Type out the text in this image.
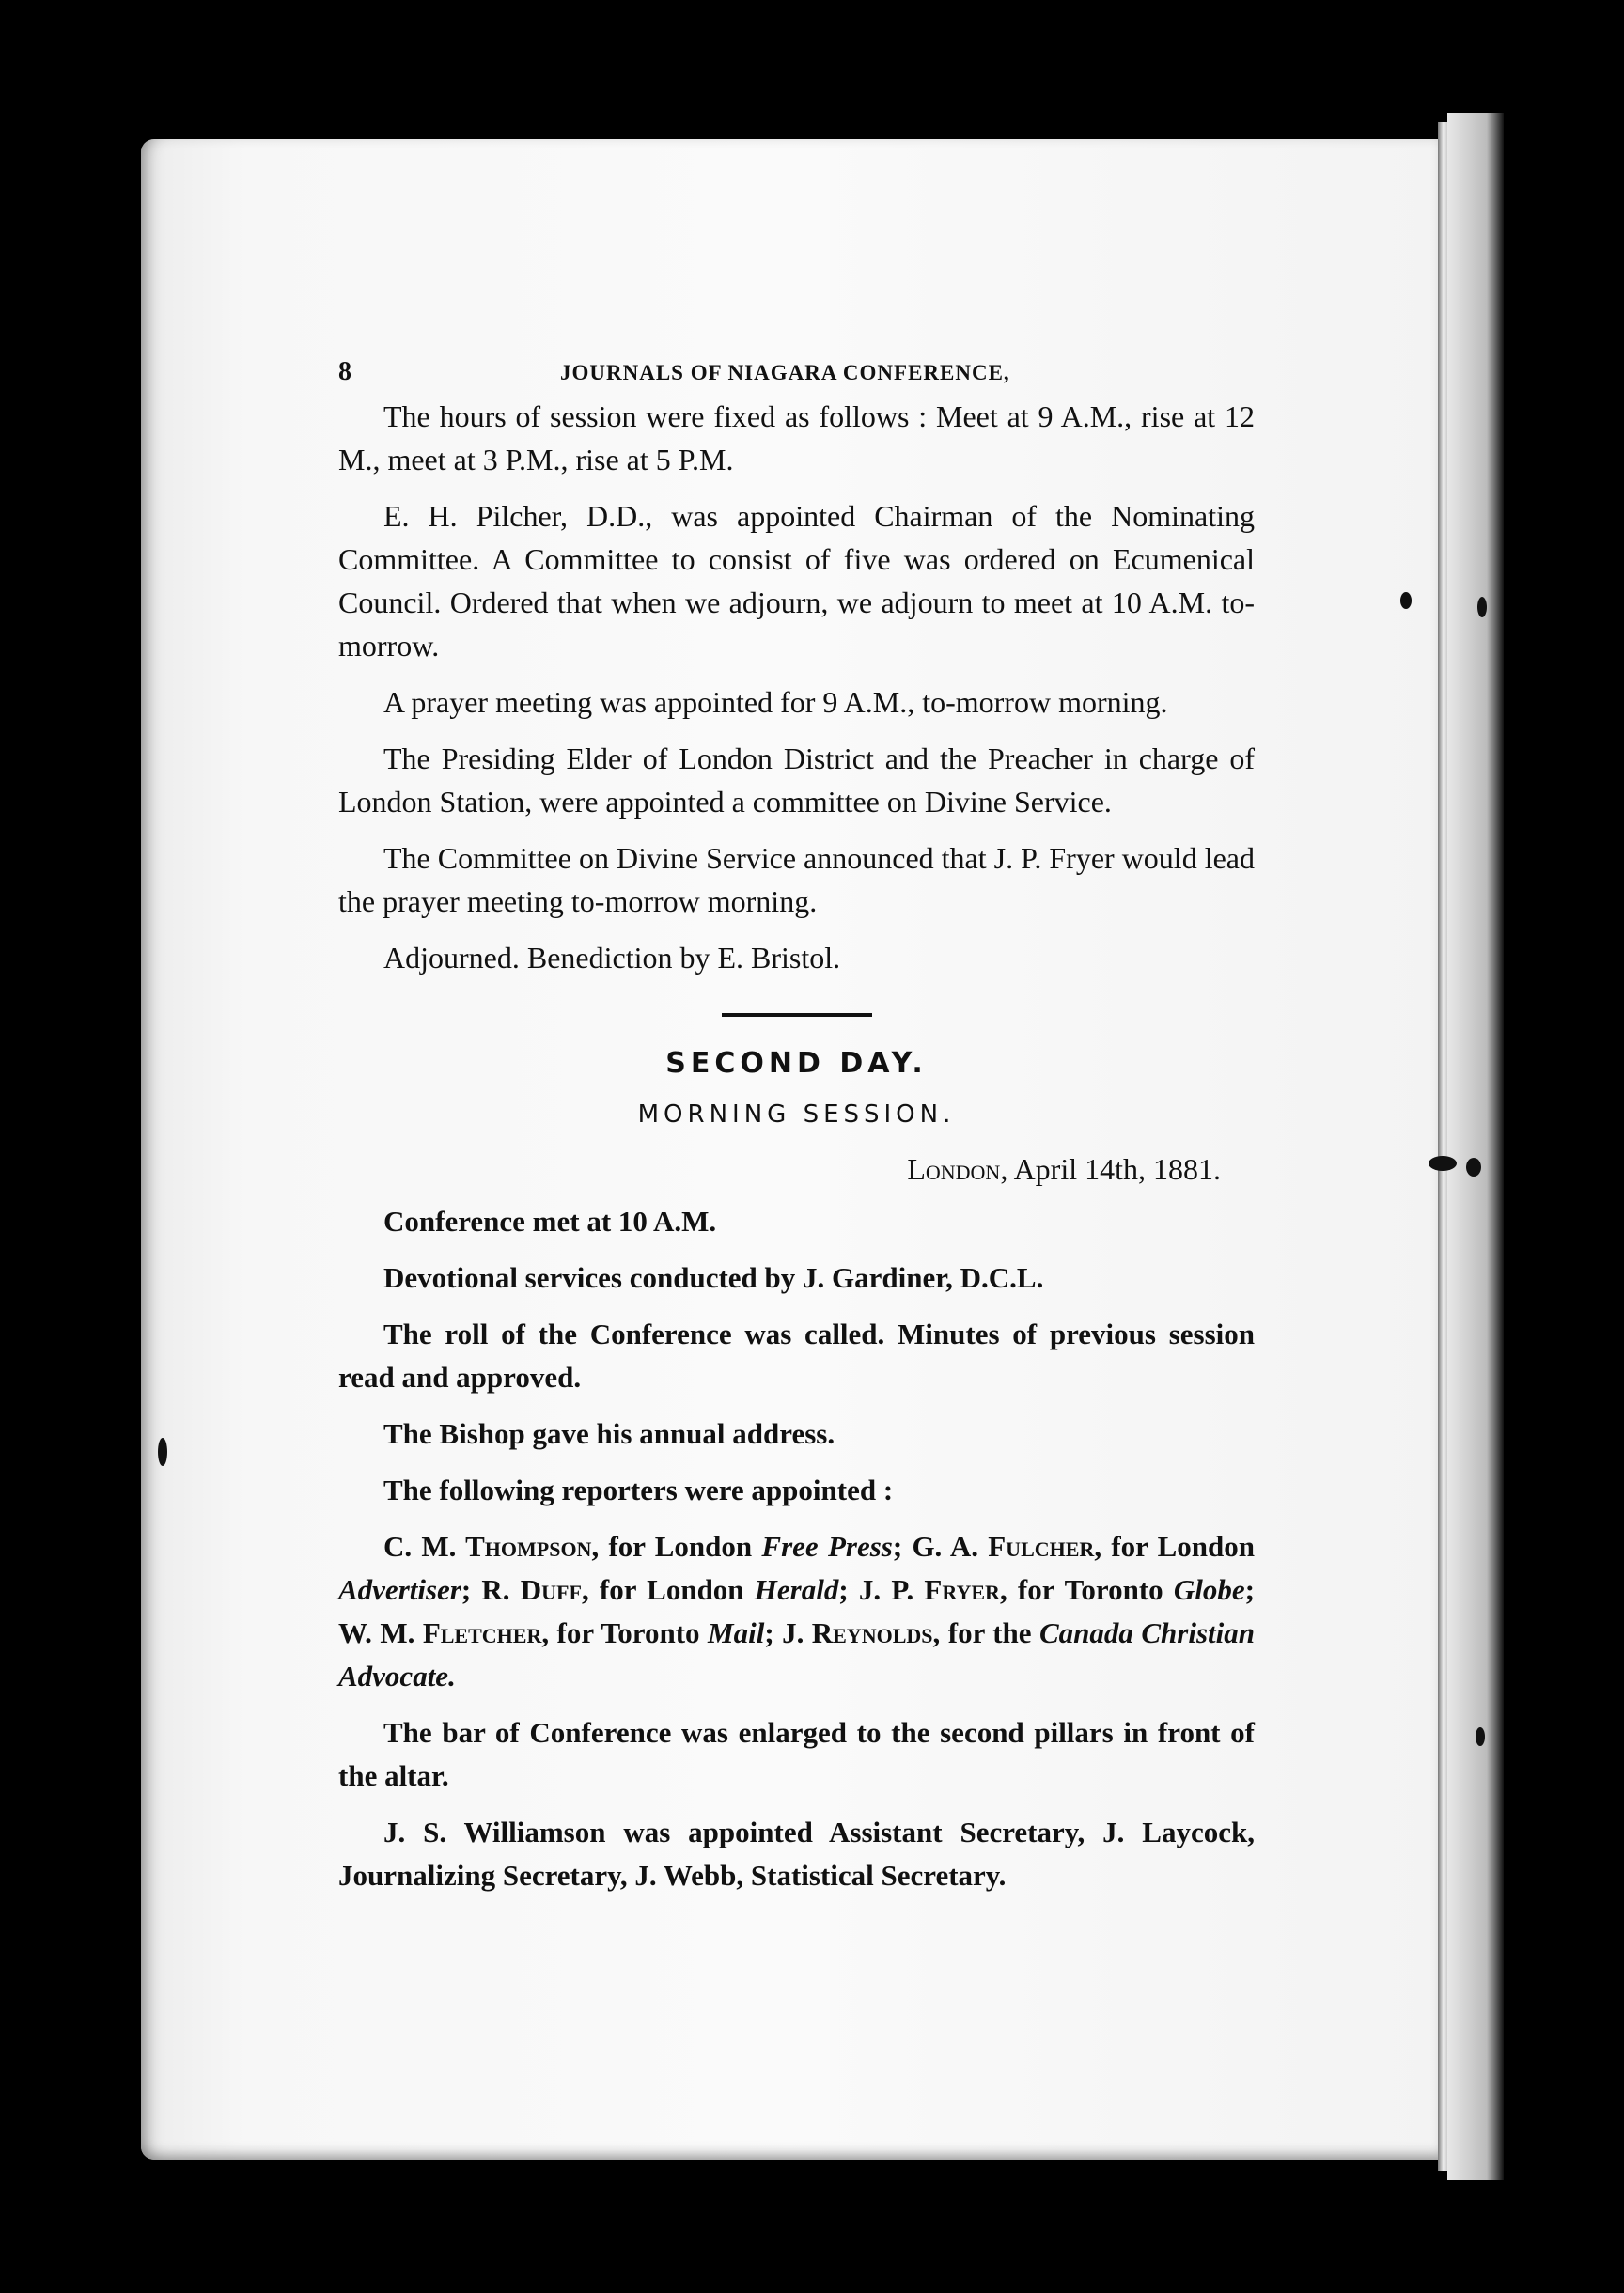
8	JOURNALS OF NIAGARA CONFERENCE,

The hours of session were fixed as follows : Meet at 9 A.M., rise at 12 M., meet at 3 P.M., rise at 5 P.M.

E. H. Pilcher, D.D., was appointed Chairman of the Nominating Committee. A Committee to consist of five was ordered on Ecumenical Council. Ordered that when we adjourn, we adjourn to meet at 10 A.M. to-morrow.

A prayer meeting was appointed for 9 A.M., to-morrow morning.

The Presiding Elder of London District and the Preacher in charge of London Station, were appointed a committee on Divine Service.

The Committee on Divine Service announced that J. P. Fryer would lead the prayer meeting to-morrow morning.

Adjourned. Benediction by E. Bristol.

SECOND DAY.
MORNING SESSION.

London, April 14th, 1881.

Conference met at 10 A.M.

Devotional services conducted by J. Gardiner, D.C.L.

The roll of the Conference was called. Minutes of previous session read and approved.

The Bishop gave his annual address.

The following reporters were appointed :

C. M. Thompson, for London Free Press; G. A. Fulcher, for London Advertiser; R. Duff, for London Herald; J. P. Fryer, for Toronto Globe; W. M. Fletcher, for Toronto Mail; J. Reynolds, for the Canada Christian Advocate.

The bar of Conference was enlarged to the second pillars in front of the altar.

J. S. Williamson was appointed Assistant Secretary, J. Laycock, Journalizing Secretary, J. Webb, Statistical Secretary.
